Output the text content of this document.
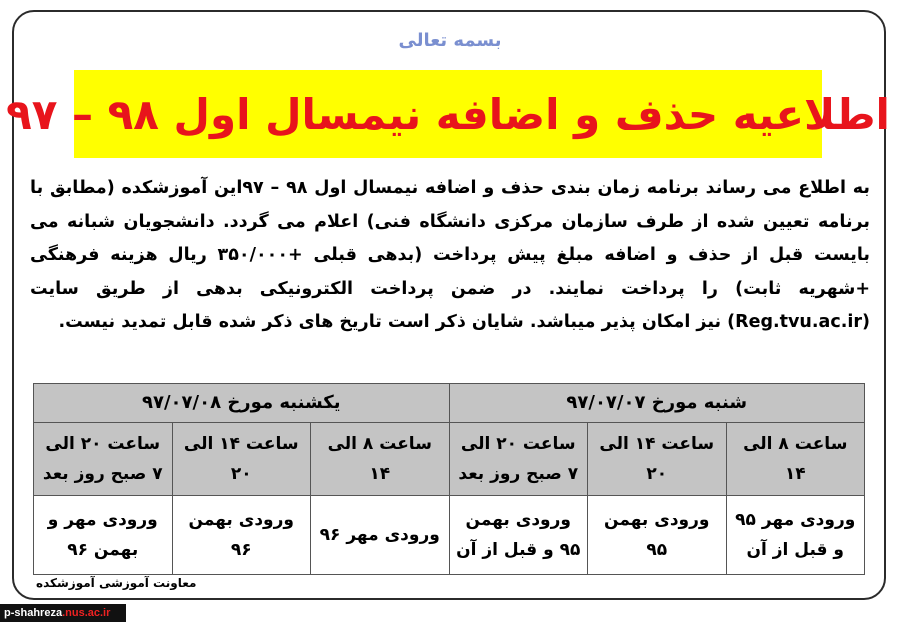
بسمه تعالی
اطلاعیه حذف و اضافه نیمسال اول ۹۸ – ۹۷
به اطلاع می رساند برنامه زمان بندی حذف و اضافه نیمسال اول ۹۸ – ۹۷این آموزشکده (مطابق با برنامه تعیین شده از طرف سازمان مرکزی دانشگاه فنی) اعلام می گردد. دانشجویان شبانه می بایست قبل از حذف و اضافه مبلغ پیش پرداخت (بدهی قبلی +۳۵۰/۰۰۰ ریال هزینه فرهنگی +شهریه ثابت) را پرداخت نمایند. در ضمن پرداخت الکترونیکی بدهی از طریق سایت (Reg.tvu.ac.ir) نیز امکان پذیر میباشد. شایان ذکر است تاریخ های ذکر شده قابل تمدید نیست.
شنبه مورخ ۹۷/۰۷/۰۷			یکشنبه مورخ ۹۷/۰۷/۰۸		
ساعت ۸ الی ۱۴	ساعت ۱۴ الی ۲۰	ساعت ۲۰ الی ۷ صبح روز بعد	ساعت ۸ الی ۱۴	ساعت ۱۴ الی ۲۰	ساعت ۲۰ الی ۷ صبح روز بعد
ورودی مهر ۹۵ و قبل از آن	ورودی بهمن ۹۵	ورودی بهمن ۹۵ و قبل از آن	ورودی مهر ۹۶	ورودی بهمن ۹۶	ورودی مهر و بهمن ۹۶
معاونت آموزشی آموزشکده
p-shahreza.nus.ac.ir
